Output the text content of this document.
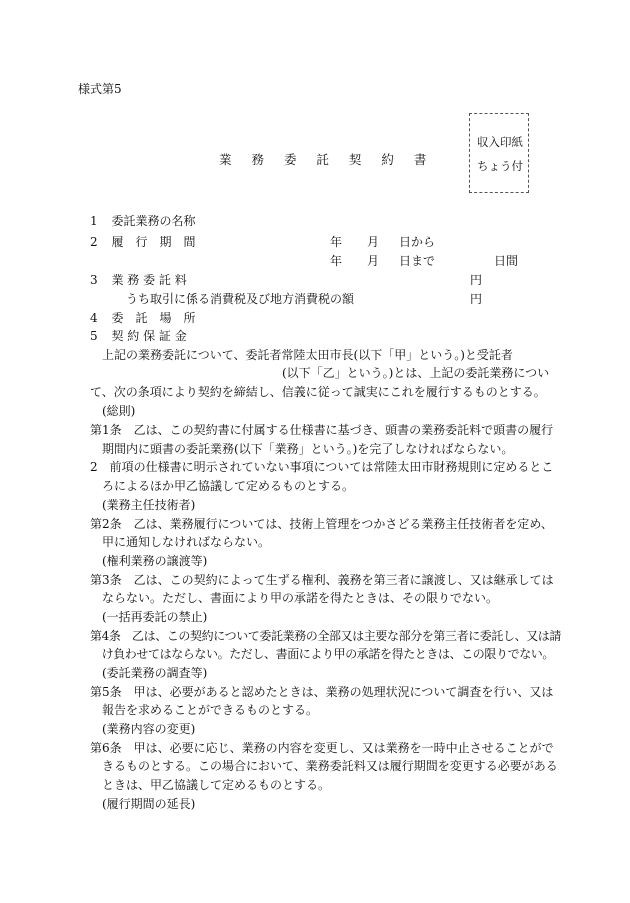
様式第5
業 務 委 託 契 約 書
収入印紙
ちょう付
1 委託業務の名称
2 履　行　期　間	年 月 日から
年 月 日まで	日間
3 業 務 委 託 料	円
うち取引に係る消費税及び地方消費税の額	円
4 委　託　場　所
5 契 約 保 証 金
上記の業務委託について、委託者常陸太田市長(以下「甲」という。)と受託者
(以下「乙」という。)とは、上記の委託業務につい
て、次の条項により契約を締結し、信義に従って誠実にこれを履行するものとする。
(総則)
第1条　乙は、この契約書に付属する仕様書に基づき、頭書の業務委託料で頭書の履行
　期間内に頭書の委託業務(以下「業務」という。)を完了しなければならない。
2　前項の仕様書に明示されていない事項については常陸太田市財務規則に定めるとこ
　ろによるほか甲乙協議して定めるものとする。
(業務主任技術者)
第2条　乙は、業務履行については、技術上管理をつかさどる業務主任技術者を定め、
　甲に通知しなければならない。
(権利業務の譲渡等)
第3条　乙は、この契約によって生ずる権利、義務を第三者に譲渡し、又は継承しては
　ならない。ただし、書面により甲の承諾を得たときは、その限りでない。
(一括再委託の禁止)
第4条　乙は、この契約について委託業務の全部又は主要な部分を第三者に委託し、又は請
　け負わせてはならない。ただし、書面により甲の承諾を得たときは、この限りでない。
(委託業務の調査等)
第5条　甲は、必要があると認めたときは、業務の処理状況について調査を行い、又は
　報告を求めることができるものとする。
(業務内容の変更)
第6条　甲は、必要に応じ、業務の内容を変更し、又は業務を一時中止させることがで
　きるものとする。この場合において、業務委託料又は履行期間を変更する必要がある
　ときは、甲乙協議して定めるものとする。
(履行期間の延長)
